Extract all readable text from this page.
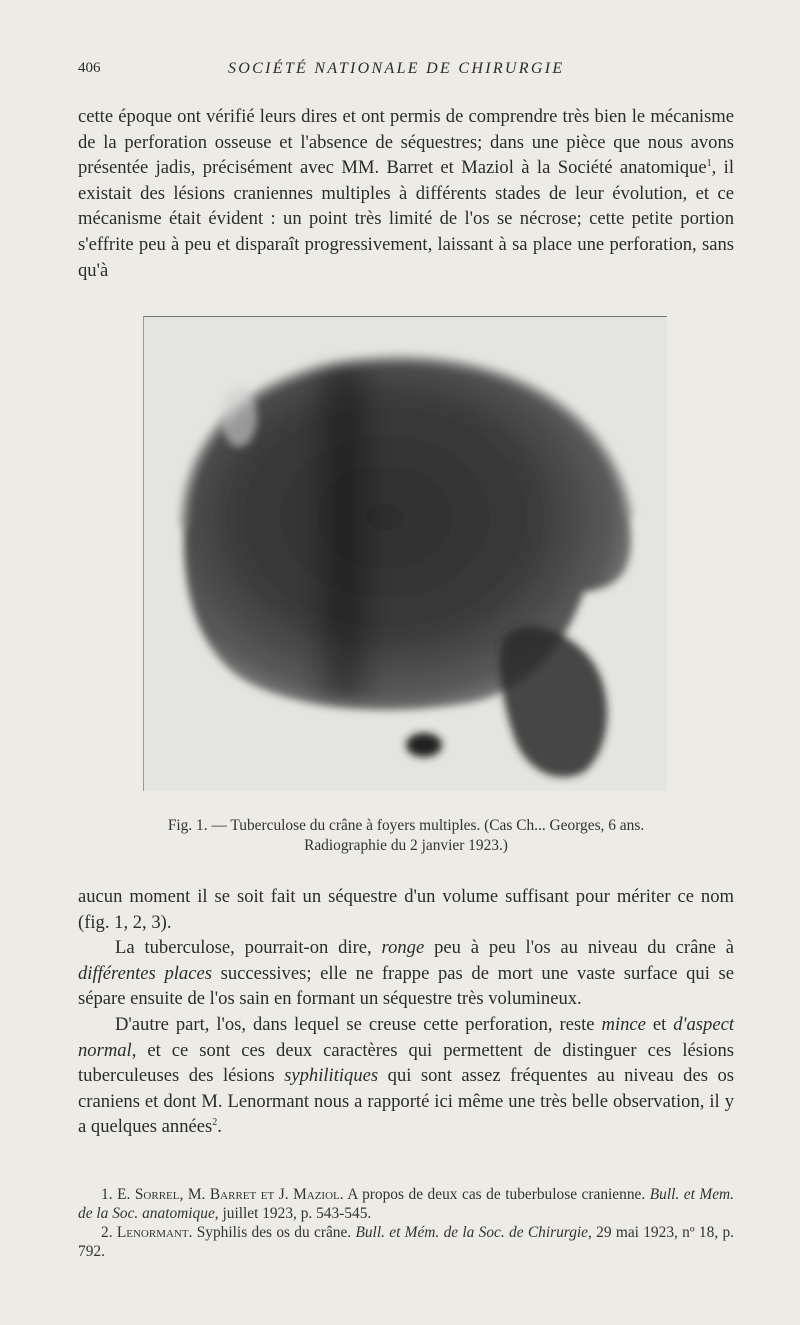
406	SOCIÉTÉ NATIONALE DE CHIRURGIE

cette époque ont vérifié leurs dires et ont permis de comprendre très bien le mécanisme de la perforation osseuse et l'absence de séquestres; dans une pièce que nous avons présentée jadis, précisément avec MM. Barret et Maziol à la Société anatomique$^1$, il existait des lésions craniennes multiples à différents stades de leur évolution, et ce mécanisme était évident : un point très limité de l'os se nécrose; cette petite portion s'effrite peu à peu et disparaît progressivement, laissant à sa place une perforation, sans qu'à

Fig. 1. — Tuberculose du crâne à foyers multiples. (Cas Ch... Georges, 6 ans.
Radiographie du 2 janvier 1923.)

aucun moment il se soit fait un séquestre d'un volume suffisant pour mériter ce nom (fig. 1, 2, 3).

La tuberculose, pourrait-on dire, ronge peu à peu l'os au niveau du crâne à différentes places successives; elle ne frappe pas de mort une vaste surface qui se sépare ensuite de l'os sain en formant un séquestre très volumineux.

D'autre part, l'os, dans lequel se creuse cette perforation, reste mince et d'aspect normal, et ce sont ces deux caractères qui permettent de distinguer ces lésions tuberculeuses des lésions syphilitiques qui sont assez fréquentes au niveau des os craniens et dont M. Lenormant nous a rapporté ici même une très belle observation, il y a quelques années$^2$.

1. E. Sorrel, M. Barret et J. Maziol. A propos de deux cas de tuberbulose cranienne. Bull. et Mem. de la Soc. anatomique, juillet 1923, p. 543-545.

2. Lenormant. Syphilis des os du crâne. Bull. et Mém. de la Soc. de Chirurgie, 29 mai 1923, nº 18, p. 792.
